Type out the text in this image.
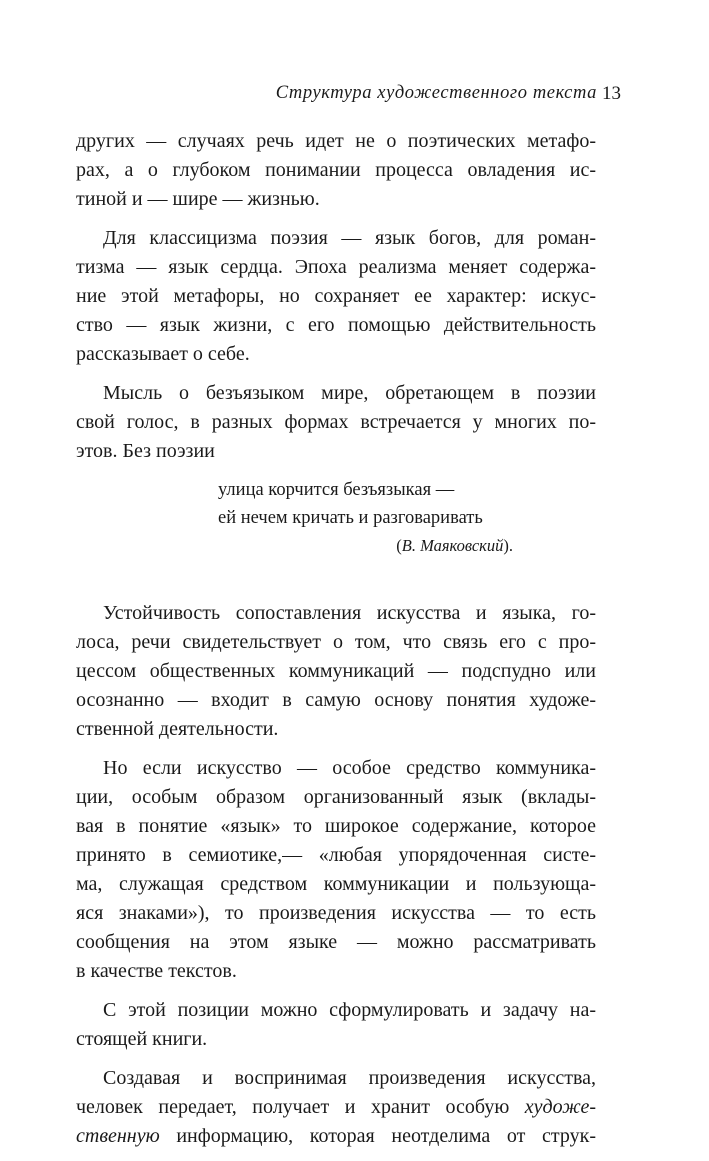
Структура художественного текста 13
других — случаях речь идет не о поэтических метафо-
рах, а о глубоком понимании процесса овладения ис-
тиной и — шире — жизнью.
Для классицизма поэзия — язык богов, для роман-
тизма — язык сердца. Эпоха реализма меняет содержа-
ние этой метафоры, но сохраняет ее характер: искус-
ство — язык жизни, с его помощью действительность
рассказывает о себе.
Мысль о безъязыком мире, обретающем в поэзии
свой голос, в разных формах встречается у многих по-
этов. Без поэзии
улица корчится безъязыкая —
ей нечем кричать и разговаривать
(В. Маяковский).
Устойчивость сопоставления искусства и языка, го-
лоса, речи свидетельствует о том, что связь его с про-
цессом общественных коммуникаций — подспудно или
осознанно — входит в самую основу понятия художе-
ственной деятельности.
Но если искусство — особое средство коммуника-
ции, особым образом организованный язык (вклады-
вая в понятие «язык» то широкое содержание, которое
принято в семиотике,— «любая упорядоченная систе-
ма, служащая средством коммуникации и пользующа-
яся знаками»), то произведения искусства — то есть
сообщения на этом языке — можно рассматривать
в качестве текстов.
С этой позиции можно сформулировать и задачу на-
стоящей книги.
Создавая и воспринимая произведения искусства,
человек передает, получает и хранит особую художе-
ственную информацию, которая неотделима от струк-
